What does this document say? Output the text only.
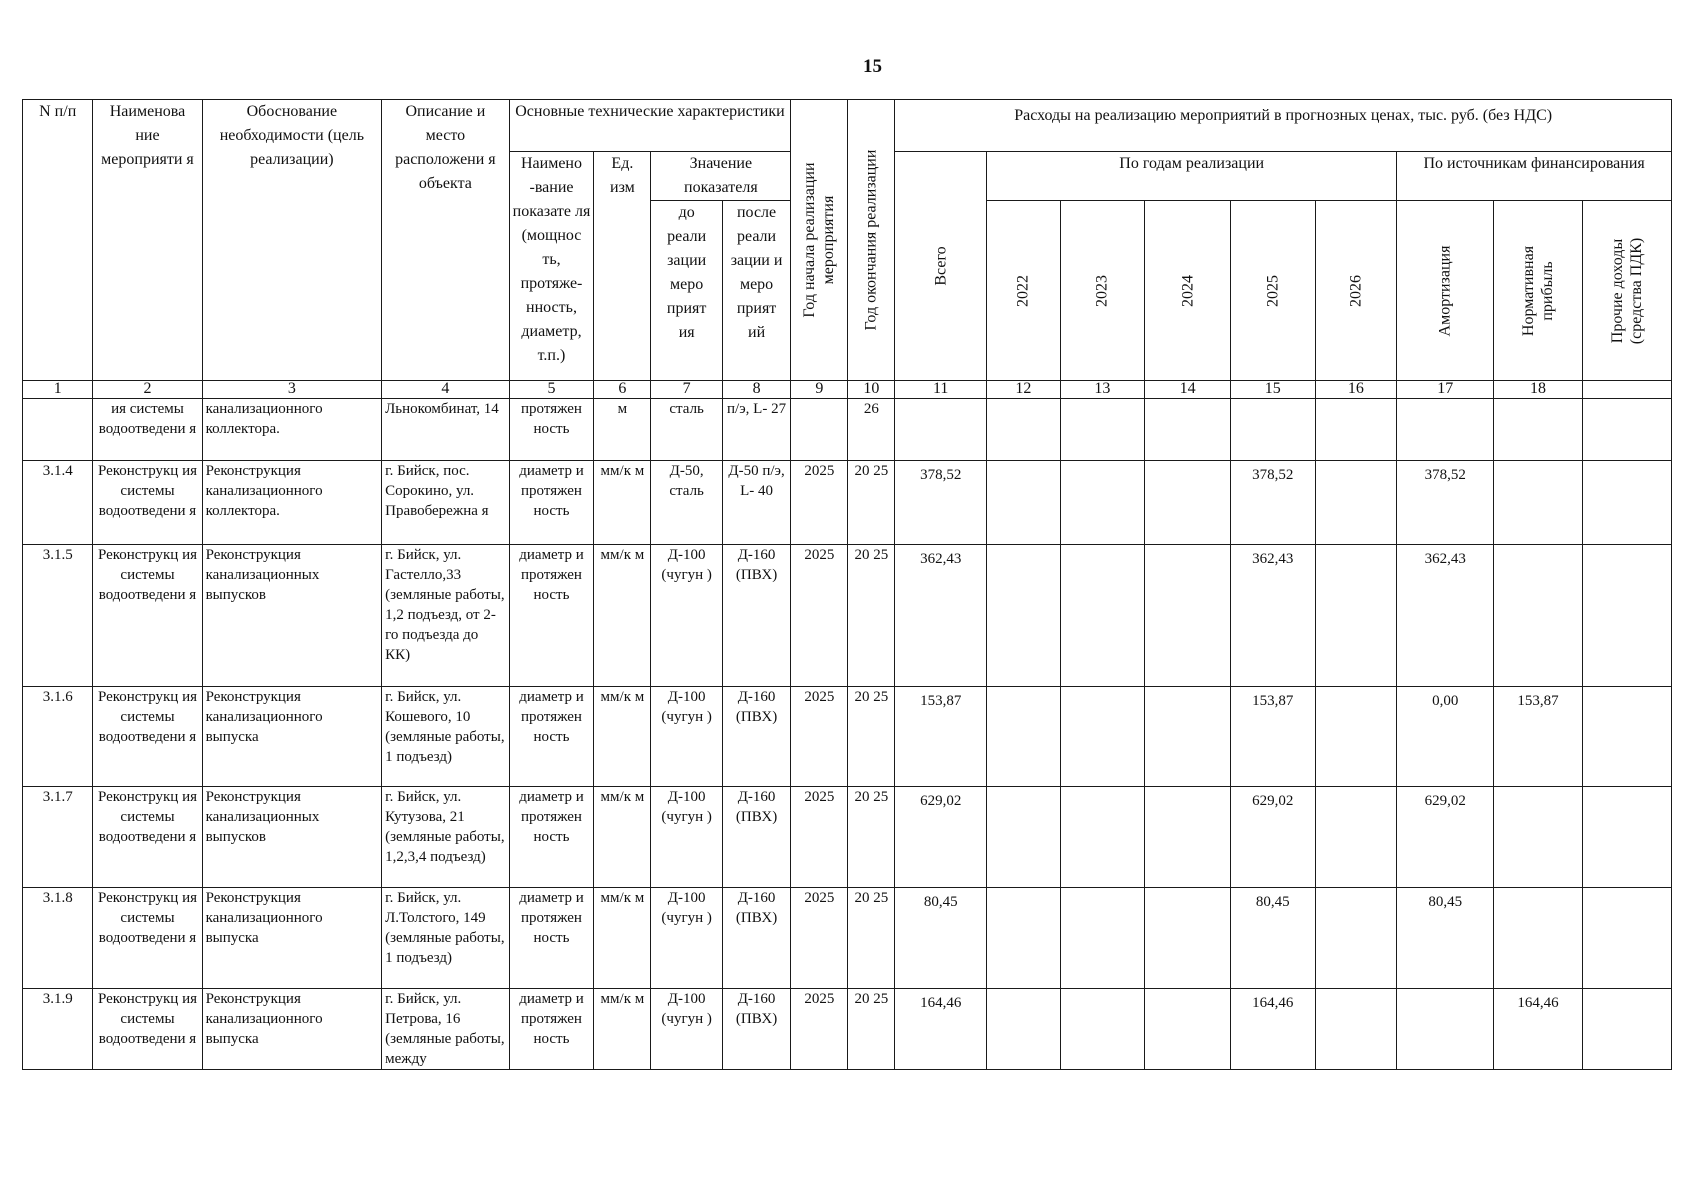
15
N п/п	Наименова ние мероприяти я	Обоснование необходимости (цель реализации)	Описание и место расположени я объекта	Основные технические характеристики				Год начала реализации мероприятия	Год окончания реализации	Расходы на реализацию мероприятий в прогнозных ценах, тыс. руб. (без НДС)								
				Наимено -вание показате ля (мощнос ть, протяже- нность, диаметр, т.п.)	Ед. изм	Значение показателя				Всего	По годам реализации					По источникам финансирования		
						до реали зации меро прият ия	после реали зации и меро прият ий				2022	2023	2024	2025	2026	Амортизация	Нормативная прибыль	Прочие доходы (средства ПДК)

1	2	3	4	5	6	7	8	9	10	11	12	13	14	15	16	17	18	
	ия системы водоотведени я	канализационного коллектора.	Льнокомбинат, 14	протяжен ность	м	сталь	п/э, L- 27		26									
3.1.4	Реконструкц ия системы водоотведени я	Реконструкция канализационного коллектора.	г. Бийск, пос. Сорокино, ул. Правобережна я	диаметр и протяжен ность	мм/к м	Д-50, сталь	Д-50 п/э, L- 40	2025	20 25	378,52				378,52		378,52		
3.1.5	Реконструкц ия системы водоотведени я	Реконструкция канализационных выпусков	г. Бийск, ул. Гастелло,33 (земляные работы, 1,2 подъезд, от 2- го подъезда до КК)	диаметр и протяжен ность	мм/к м	Д-100 (чугун )	Д-160 (ПВХ)	2025	20 25	362,43				362,43		362,43		
3.1.6	Реконструкц ия системы водоотведени я	Реконструкция канализационного выпуска	г. Бийск, ул. Кошевого, 10 (земляные работы, 1 подъезд)	диаметр и протяжен ность	мм/к м	Д-100 (чугун )	Д-160 (ПВХ)	2025	20 25	153,87				153,87		0,00	153,87	
3.1.7	Реконструкц ия системы водоотведени я	Реконструкция канализационных выпусков	г. Бийск, ул. Кутузова, 21 (земляные работы, 1,2,3,4 подъезд)	диаметр и протяжен ность	мм/к м	Д-100 (чугун )	Д-160 (ПВХ)	2025	20 25	629,02				629,02		629,02		
3.1.8	Реконструкц ия системы водоотведени я	Реконструкция канализационного выпуска	г. Бийск, ул. Л.Толстого, 149 (земляные работы, 1 подъезд)	диаметр и протяжен ность	мм/к м	Д-100 (чугун )	Д-160 (ПВХ)	2025	20 25	80,45				80,45		80,45		
3.1.9	Реконструкц ия системы водоотведени я	Реконструкция канализационного выпуска	г. Бийск, ул. Петрова, 16 (земляные работы, между	диаметр и протяжен ность	мм/к м	Д-100 (чугун )	Д-160 (ПВХ)	2025	20 25	164,46				164,46			164,46	
